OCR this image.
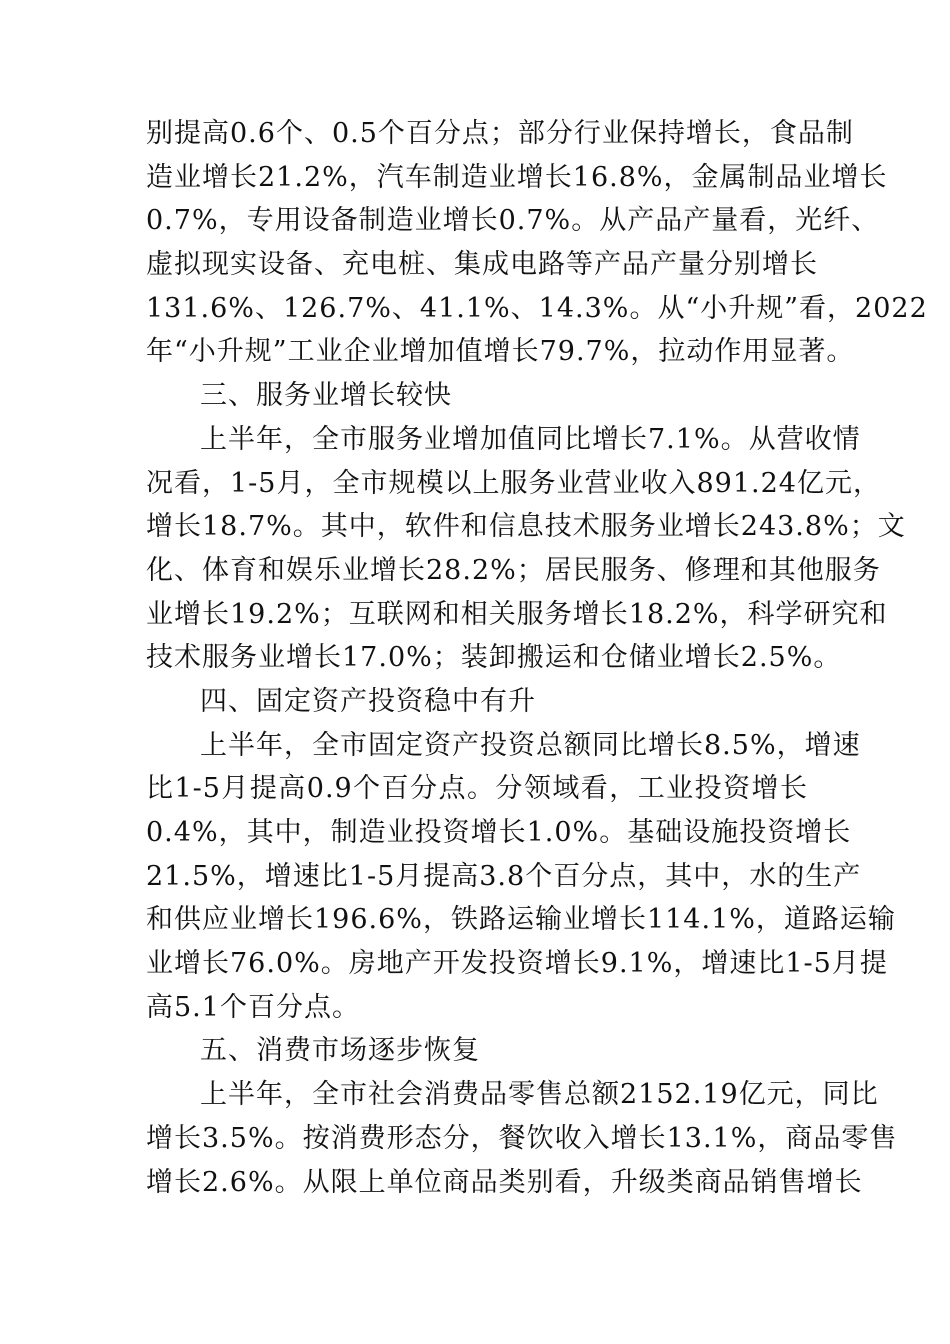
别提高0.6个、0.5个百分点；部分行业保持增长，食品制
造业增长21.2%，汽车制造业增长16.8%，金属制品业增长
0.7%，专用设备制造业增长0.7%。从产品产量看，光纤、
虚拟现实设备、充电桩、集成电路等产品产量分别增长
131.6%、126.7%、41.1%、14.3%。从“小升规”看，2022
年“小升规”工业企业增加值增长79.7%，拉动作用显著。
三、服务业增长较快
上半年，全市服务业增加值同比增长7.1%。从营收情
况看，1-5月，全市规模以上服务业营业收入891.24亿元，
增长18.7%。其中，软件和信息技术服务业增长243.8%；文
化、体育和娱乐业增长28.2%；居民服务、修理和其他服务
业增长19.2%；互联网和相关服务增长18.2%，科学研究和
技术服务业增长17.0%；装卸搬运和仓储业增长2.5%。
四、固定资产投资稳中有升
上半年，全市固定资产投资总额同比增长8.5%，增速
比1-5月提高0.9个百分点。分领域看，工业投资增长
0.4%，其中，制造业投资增长1.0%。基础设施投资增长
21.5%，增速比1-5月提高3.8个百分点，其中，水的生产
和供应业增长196.6%，铁路运输业增长114.1%，道路运输
业增长76.0%。房地产开发投资增长9.1%，增速比1-5月提
高5.1个百分点。
五、消费市场逐步恢复
上半年，全市社会消费品零售总额2152.19亿元，同比
增长3.5%。按消费形态分，餐饮收入增长13.1%，商品零售
增长2.6%。从限上单位商品类别看，升级类商品销售增长
